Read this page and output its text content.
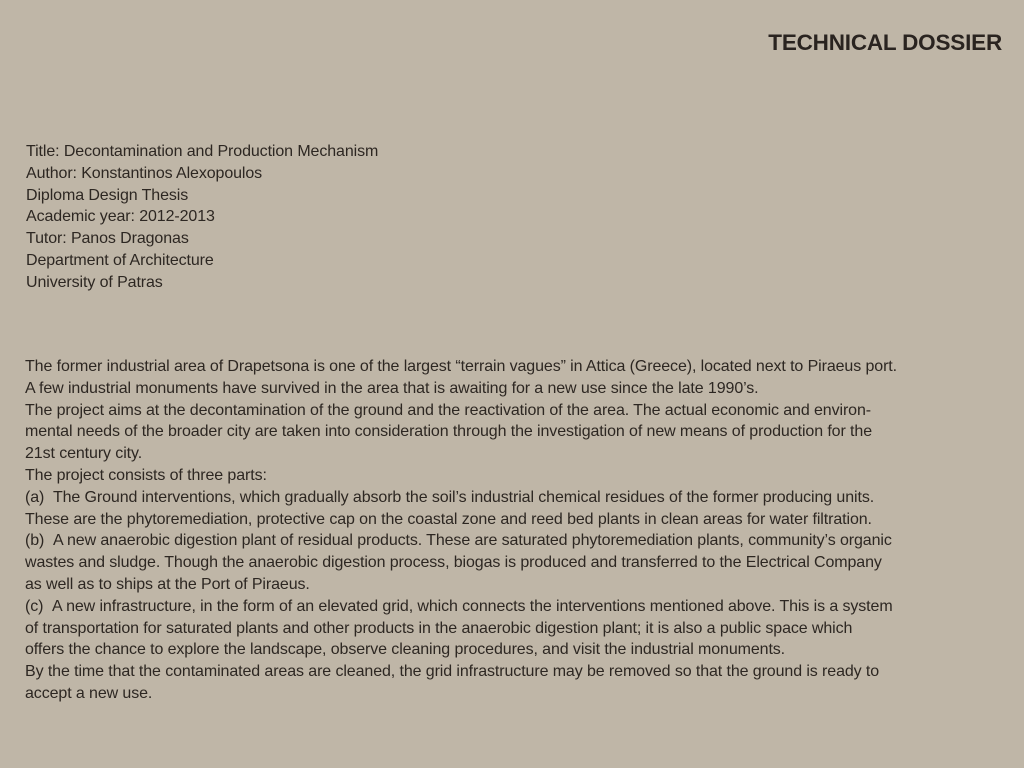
TECHNICAL DOSSIER
Title: Decontamination and Production Mechanism
Author: Konstantinos Alexopoulos
Diploma Design Thesis
Academic year: 2012-2013
Tutor: Panos Dragonas
Department of Architecture
University of Patras
The former industrial area of Drapetsona is one of the largest “terrain vagues” in Attica (Greece), located next to Piraeus port.
A few industrial monuments have survived in the area that is awaiting for a new use since the late 1990’s.
The project aims at the decontamination of the ground and the reactivation of the area. The actual economic and environ-
mental needs of the broader city are taken into consideration through the investigation of new means of production for the
21st century city.
The project consists of three parts:
(a)  The Ground interventions, which gradually absorb the soil’s industrial chemical residues of the former producing units.
These are the phytoremediation, protective cap on the coastal zone and reed bed plants in clean areas for water filtration.
(b)  A new anaerobic digestion plant of residual products. These are saturated phytoremediation plants, community’s organic
wastes and sludge. Though the anaerobic digestion process, biogas is produced and transferred to the Electrical Company
as well as to ships at the Port of Piraeus.
(c)  A new infrastructure, in the form of an elevated grid, which connects the interventions mentioned above. This is a system
of transportation for saturated plants and other products in the anaerobic digestion plant; it is also a public space which
offers the chance to explore the landscape, observe cleaning procedures, and visit the industrial monuments.
By the time that the contaminated areas are cleaned, the grid infrastructure may be removed so that the ground is ready to
accept a new use.
